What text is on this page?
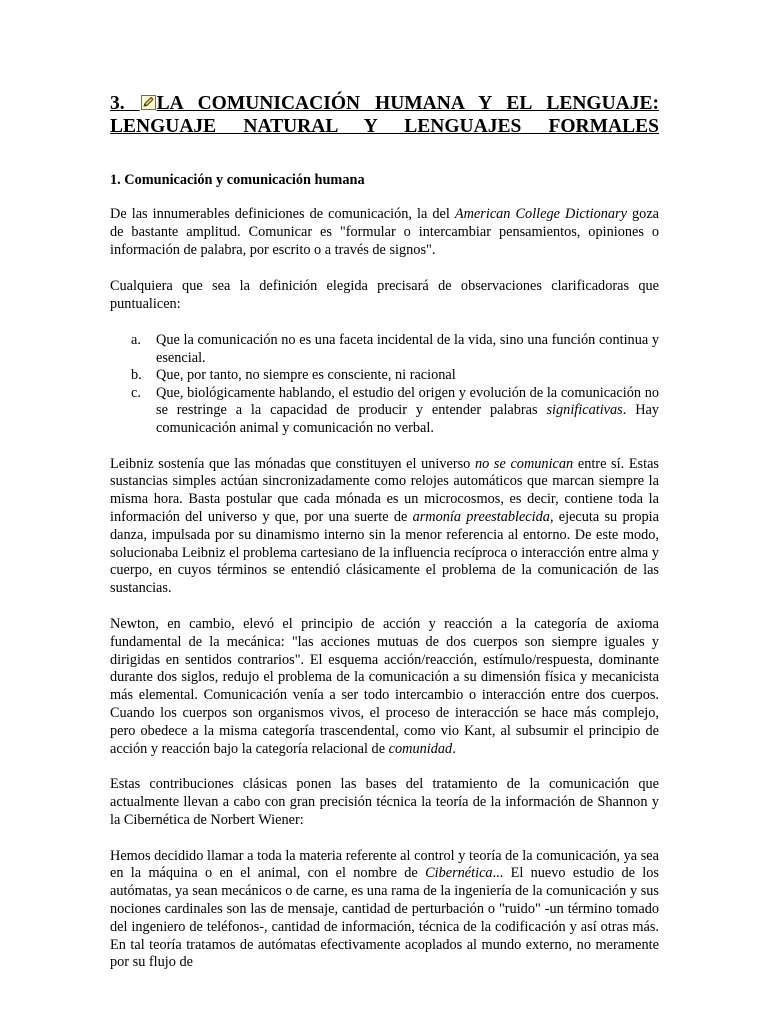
3. LA COMUNICACIÓN HUMANA Y EL LENGUAJE:
LENGUAJE NATURAL Y LENGUAJES FORMALES
1. Comunicación y comunicación humana

De las innumerables definiciones de comunicación, la del American College Dictionary goza de bastante amplitud. Comunicar es "formular o intercambiar pensamientos, opiniones o información de palabra, por escrito o a través de signos".

Cualquiera que sea la definición elegida precisará de observaciones clarificadoras que puntualicen:

a. Que la comunicación no es una faceta incidental de la vida, sino una función continua y esencial.
b. Que, por tanto, no siempre es consciente, ni racional
c. Que, biológicamente hablando, el estudio del origen y evolución de la comunicación no se restringe a la capacidad de producir y entender palabras significativas. Hay comunicación animal y comunicación no verbal.

Leibniz sostenía que las mónadas que constituyen el universo no se comunican entre sí. Estas sustancias simples actúan sincronizadamente como relojes automáticos que marcan siempre la misma hora. Basta postular que cada mónada es un microcosmos, es decir, contiene toda la información del universo y que, por una suerte de armonía preestablecida, ejecuta su propia danza, impulsada por su dinamismo interno sin la menor referencia al entorno. De este modo, solucionaba Leibniz el problema cartesiano de la influencia recíproca o interacción entre alma y cuerpo, en cuyos términos se entendió clásicamente el problema de la comunicación de las sustancias.

Newton, en cambio, elevó el principio de acción y reacción a la categoría de axioma fundamental de la mecánica: "las acciones mutuas de dos cuerpos son siempre iguales y dirigidas en sentidos contrarios". El esquema acción/reacción, estímulo/respuesta, dominante durante dos siglos, redujo el problema de la comunicación a su dimensión física y mecanicista más elemental. Comunicación venía a ser todo intercambio o interacción entre dos cuerpos. Cuando los cuerpos son organismos vivos, el proceso de interacción se hace más complejo, pero obedece a la misma categoría trascendental, como vio Kant, al subsumir el principio de acción y reacción bajo la categoría relacional de comunidad.

Estas contribuciones clásicas ponen las bases del tratamiento de la comunicación que actualmente llevan a cabo con gran precisión técnica la teoría de la información de Shannon y la Cibernética de Norbert Wiener:

Hemos decidido llamar a toda la materia referente al control y teoría de la comunicación, ya sea en la máquina o en el animal, con el nombre de Cibernética... El nuevo estudio de los autómatas, ya sean mecánicos o de carne, es una rama de la ingeniería de la comunicación y sus nociones cardinales son las de mensaje, cantidad de perturbación o "ruido" -un término tomado del ingeniero de teléfonos-, cantidad de información, técnica de la codificación y así otras más. En tal teoría tratamos de autómatas efectivamente acoplados al mundo externo, no meramente por su flujo de
